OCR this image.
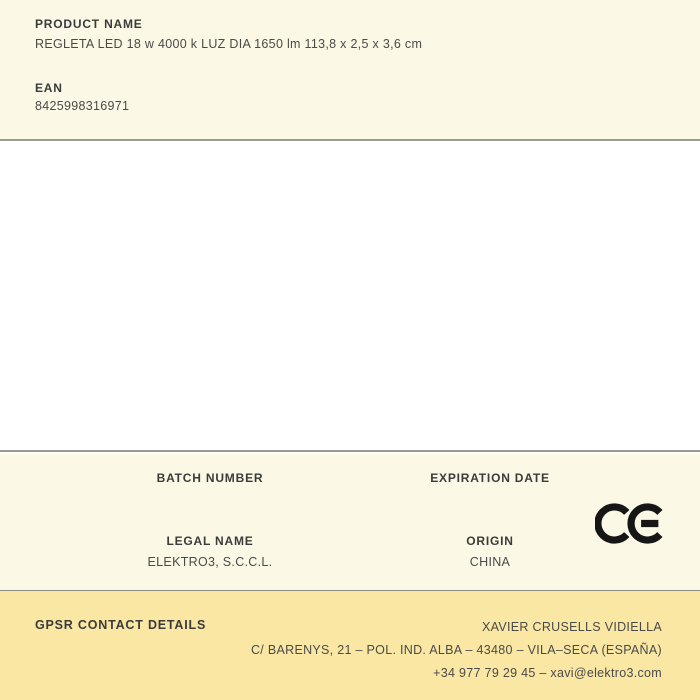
PRODUCT NAME
REGLETA LED 18 w 4000 k LUZ DIA 1650 lm 113,8 x 2,5 x 3,6 cm
EAN
8425998316971
BATCH NUMBER	EXPIRATION DATE
LEGAL NAME
ELEKTRO3, S.C.C.L.
ORIGIN
CHINA
GPSR CONTACT DETAILS	XAVIER CRUSELLS VIDIELLA
C/ BARENYS, 21 – POL. IND. ALBA – 43480 – VILA–SECA (ESPAÑA)
+34 977 79 29 45 – xavi@elektro3.com
